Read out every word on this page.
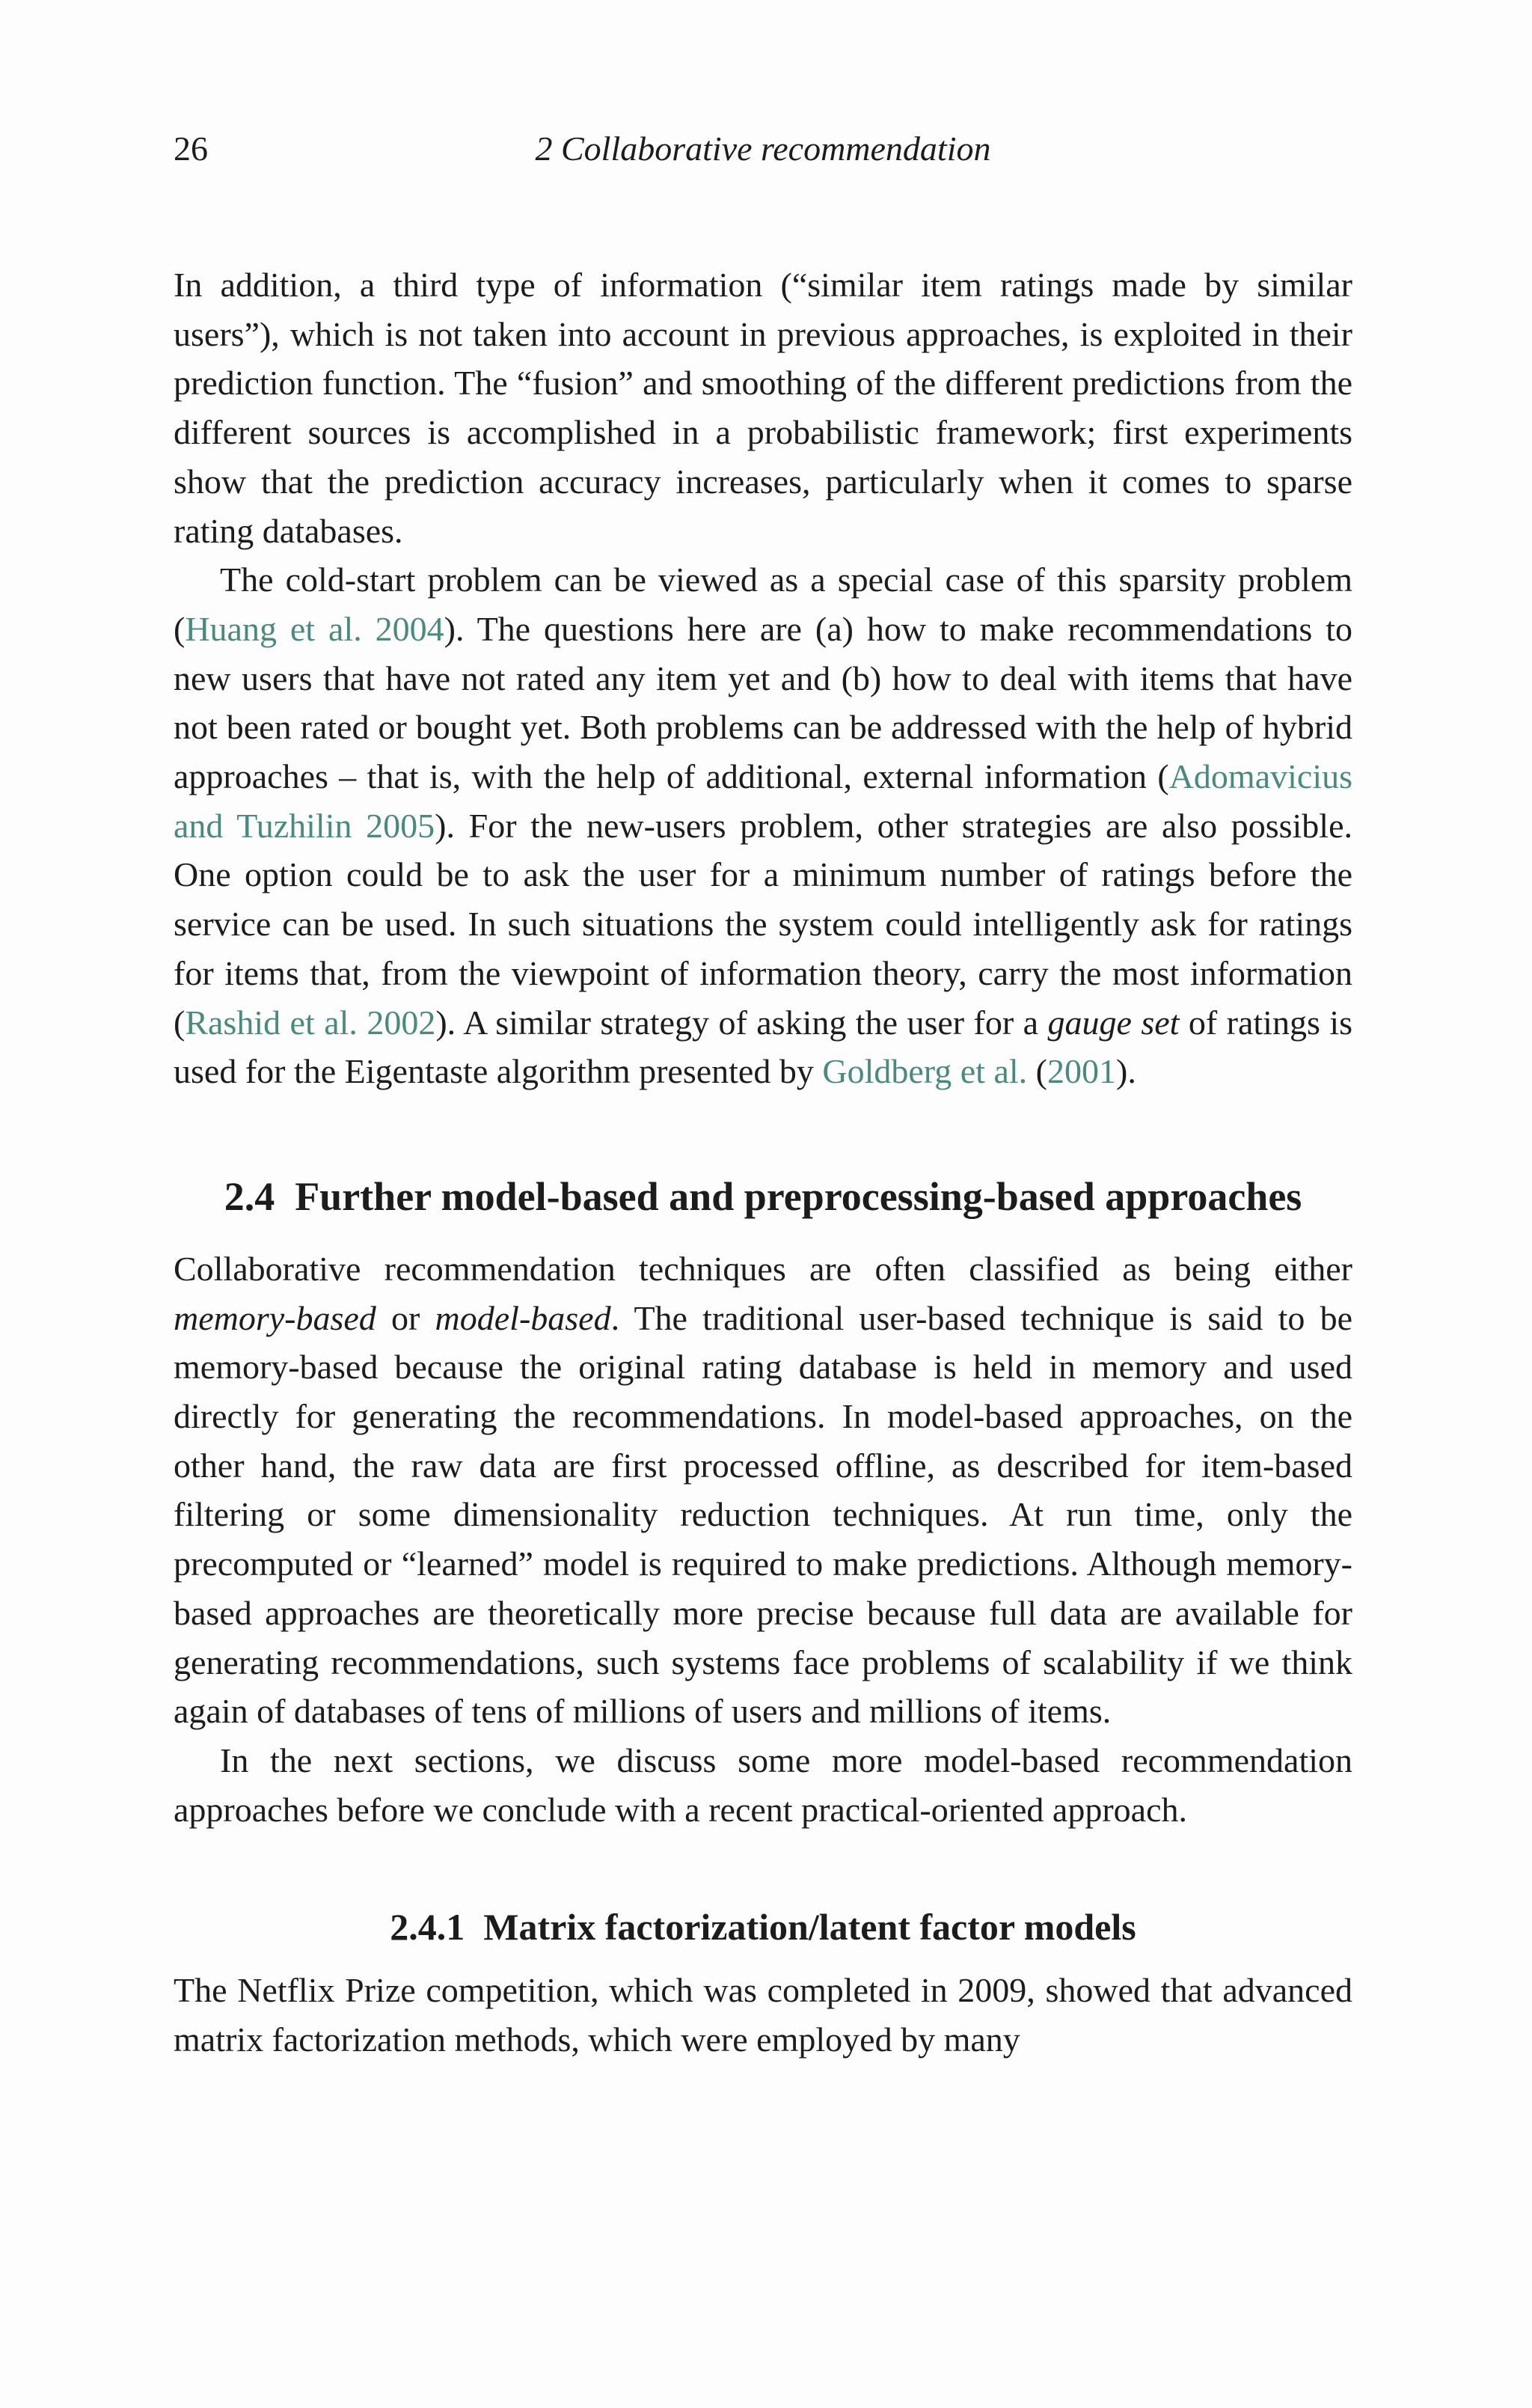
26	2 Collaborative recommendation

In addition, a third type of information (“similar item ratings made by similar users”), which is not taken into account in previous approaches, is exploited in their prediction function. The “fusion” and smoothing of the different predictions from the different sources is accomplished in a probabilistic framework; first experiments show that the prediction accuracy increases, particularly when it comes to sparse rating databases.

The cold-start problem can be viewed as a special case of this sparsity problem (Huang et al. 2004). The questions here are (a) how to make recommendations to new users that have not rated any item yet and (b) how to deal with items that have not been rated or bought yet. Both problems can be addressed with the help of hybrid approaches – that is, with the help of additional, external information (Adomavicius and Tuzhilin 2005). For the new-users problem, other strategies are also possible. One option could be to ask the user for a minimum number of ratings before the service can be used. In such situations the system could intelligently ask for ratings for items that, from the viewpoint of information theory, carry the most information (Rashid et al. 2002). A similar strategy of asking the user for a gauge set of ratings is used for the Eigentaste algorithm presented by Goldberg et al. (2001).

2.4 Further model-based and preprocessing-based approaches

Collaborative recommendation techniques are often classified as being either memory-based or model-based. The traditional user-based technique is said to be memory-based because the original rating database is held in memory and used directly for generating the recommendations. In model-based approaches, on the other hand, the raw data are first processed offline, as described for item-based filtering or some dimensionality reduction techniques. At run time, only the precomputed or “learned” model is required to make predictions. Although memory-based approaches are theoretically more precise because full data are available for generating recommendations, such systems face problems of scalability if we think again of databases of tens of millions of users and millions of items.

In the next sections, we discuss some more model-based recommendation approaches before we conclude with a recent practical-oriented approach.

2.4.1 Matrix factorization/latent factor models

The Netflix Prize competition, which was completed in 2009, showed that advanced matrix factorization methods, which were employed by many
